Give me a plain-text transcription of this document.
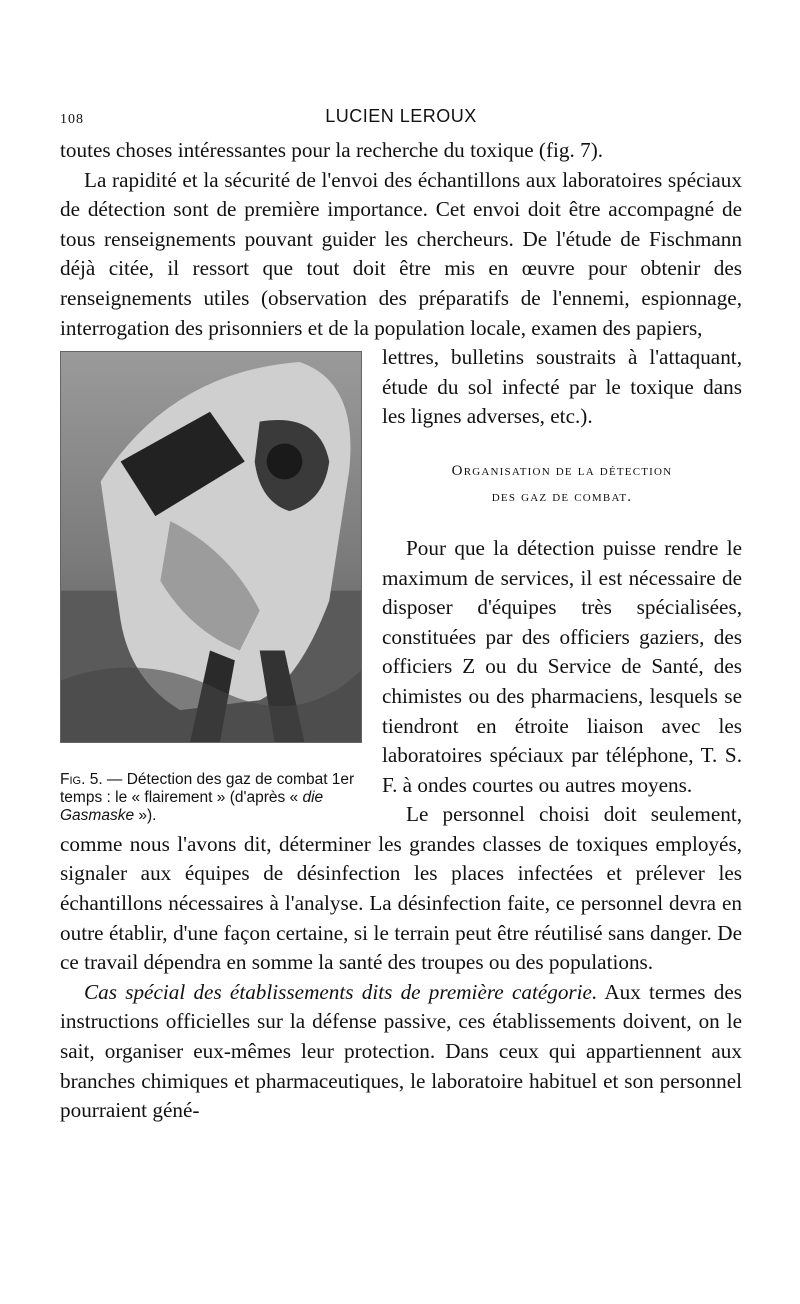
108	LUCIEN LEROUX

toutes choses intéressantes pour la recherche du toxique (fig. 7).

La rapidité et la sécurité de l'envoi des échantillons aux laboratoires spéciaux de détection sont de première importance. Cet envoi doit être accompagné de tous renseignements pouvant guider les chercheurs. De l'étude de Fischmann déjà citée, il ressort que tout doit être mis en œuvre pour obtenir des renseignements utiles (observation des préparatifs de l'ennemi, espionnage, interrogation des prisonniers et de la population locale, examen des papiers,

Fig. 5. — Détection des gaz de combat 1er temps : le « flairement » (d'après « die Gasmaske »).

lettres, bulletins soustraits à l'attaquant, étude du sol infecté par le toxique dans les lignes adverses, etc.).

Organisation de la détection
des gaz de combat.

Pour que la détection puisse rendre le maximum de services, il est nécessaire de disposer d'équipes très spécialisées, constituées par des officiers gaziers, des officiers Z ou du Service de Santé, des chimistes ou des pharmaciens, lesquels se tiendront en étroite liaison avec les laboratoires spéciaux par téléphone, T. S. F. à ondes courtes ou autres moyens.

Le personnel choisi doit seulement, comme nous l'avons dit, déterminer les grandes classes de toxiques employés, signaler aux équipes de désinfection les places infectées et prélever les échantillons nécessaires à l'analyse. La désinfection faite, ce personnel devra en outre établir, d'une façon certaine, si le terrain peut être réutilisé sans danger. De ce travail dépendra en somme la santé des troupes ou des populations.

Cas spécial des établissements dits de première catégorie. Aux termes des instructions officielles sur la défense passive, ces établissements doivent, on le sait, organiser eux-mêmes leur protection. Dans ceux qui appartiennent aux branches chimiques et pharmaceutiques, le laboratoire habituel et son personnel pourraient géné-
